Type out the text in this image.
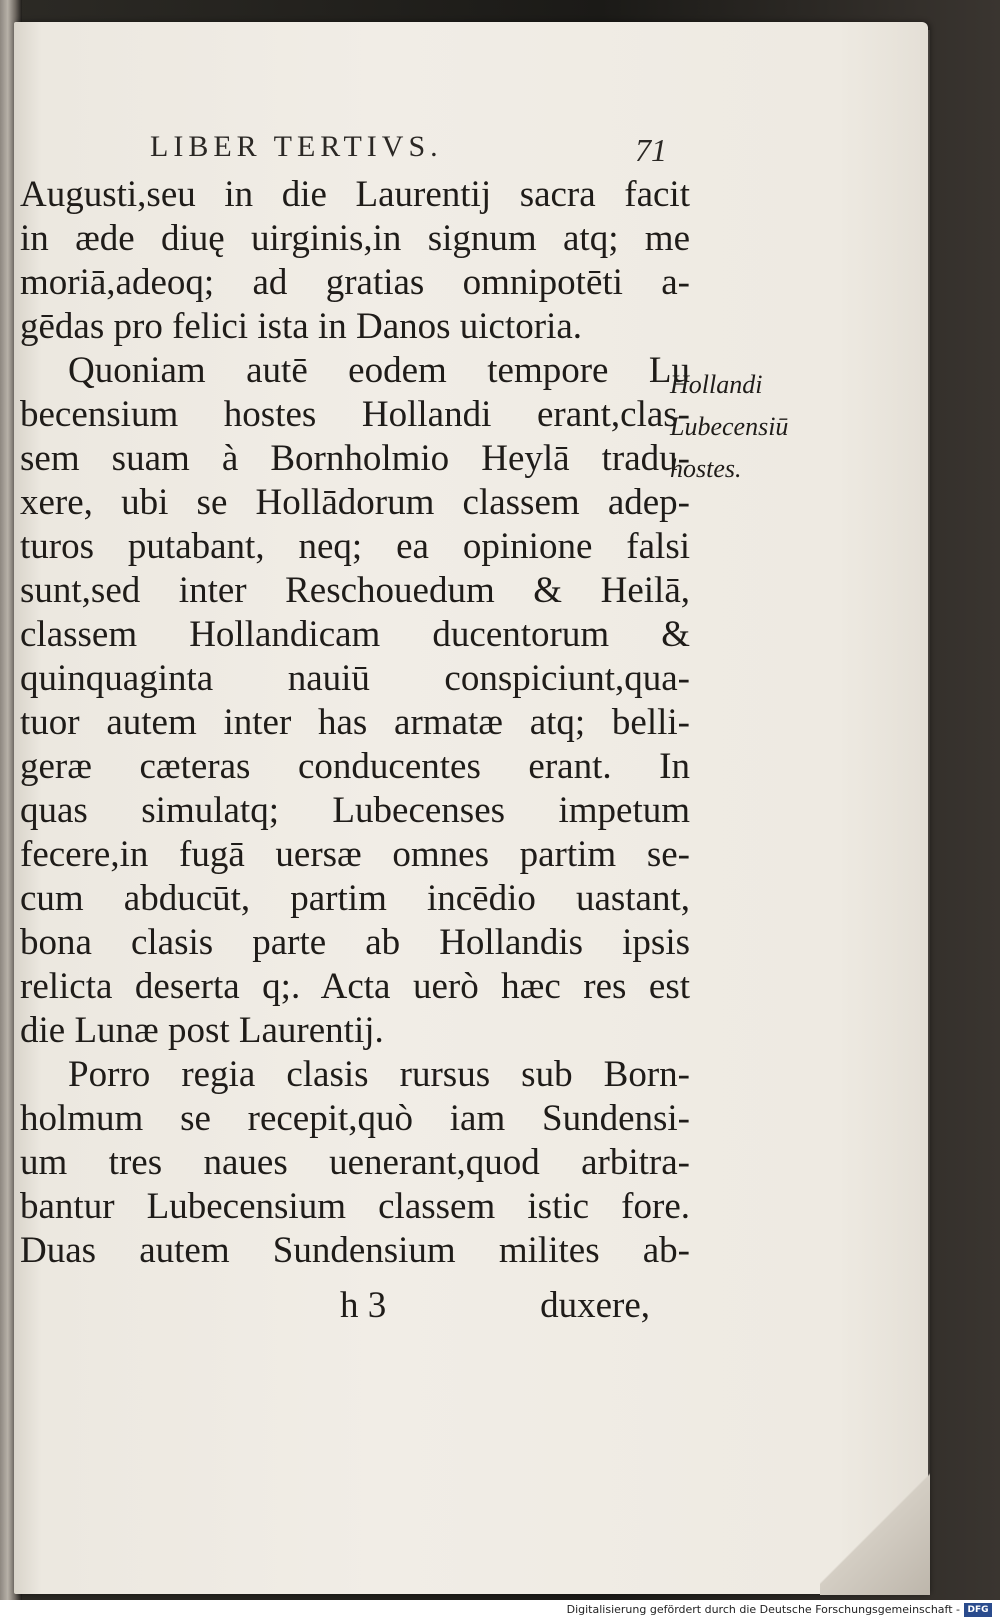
LIBER TERTIVS.	71
Augusti,seu in die Laurentij sacra facit
in æde diuę uirginis,in signum atq; me
moriā,adeoq; ad gratias omnipotēti a-
gēdas pro felici ista in Danos uictoria.
Quoniam autē eodem tempore Lu
becensium hostes Hollandi erant,clas-
sem suam à Bornholmio Heylā tradu-
xere, ubi se Hollādorum classem adep-
turos putabant, neq; ea opinione falsi
sunt,sed inter Reschouedum & Heilā,
classem Hollandicam ducentorum &
quinquaginta nauiū conspiciunt,qua-
tuor autem inter has armatæ atq; belli-
geræ cæteras conducentes erant. In
quas simulatq; Lubecenses impetum
fecere,in fugā uersæ omnes partim se-
cum abducūt, partim incēdio uastant,
bona clasis parte ab Hollandis ipsis
relicta deserta q;. Acta uerò hæc res est
die Lunæ post Laurentij.
Porro regia clasis rursus sub Born-
holmum se recepit,quò iam Sundensi-
um tres naues uenerant,quod arbitra-
bantur Lubecensium classem istic fore.
Duas autem Sundensium milites ab-
Hollandi
Lubecensiū
hostes.
h 3	duxere,
Digitalisierung gefördert durch die Deutsche Forschungsgemeinschaft - DFG
